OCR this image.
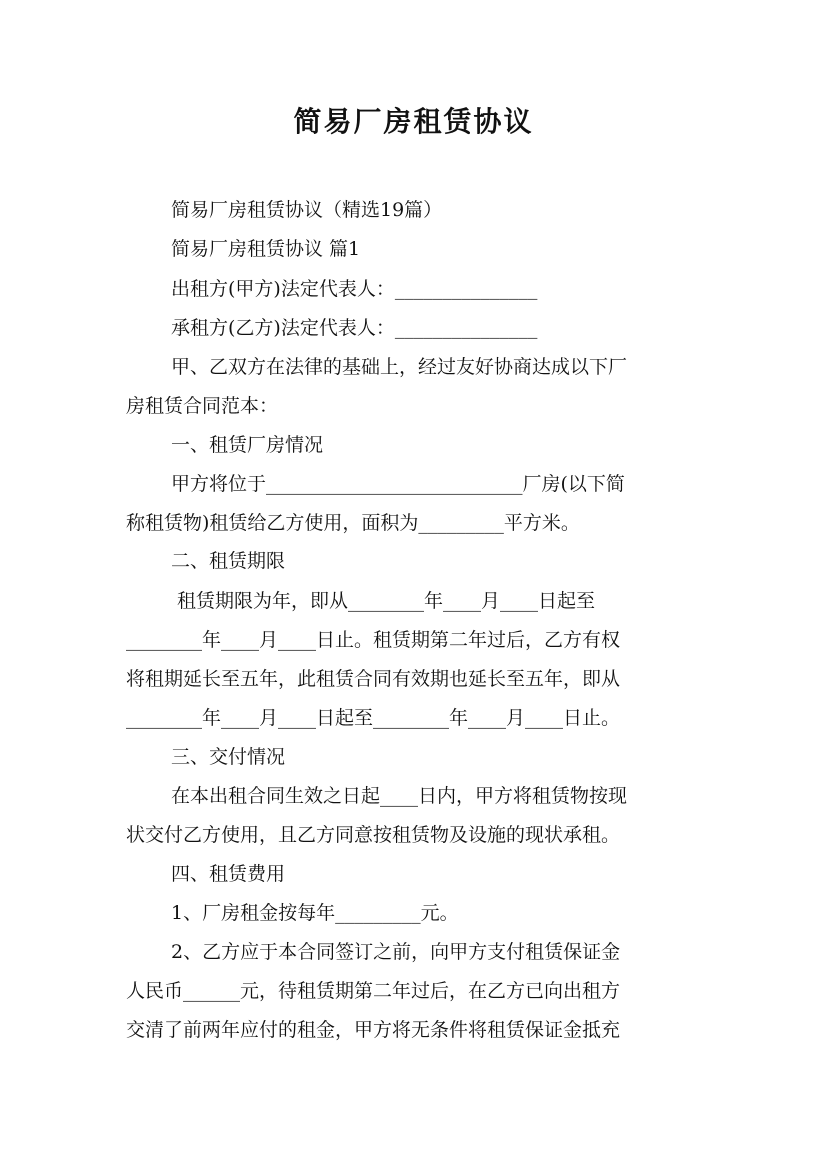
简易厂房租赁协议

简易厂房租赁协议（精选19篇）

简易厂房租赁协议 篇1

出租方(甲方)法定代表人：_______________

承租方(乙方)法定代表人：_______________

甲、乙双方在法律的基础上，经过友好协商达成以下厂

房租赁合同范本：

一、租赁厂房情况

甲方将位于___________________________厂房(以下简

称租赁物)租赁给乙方使用，面积为_________平方米。

二、租赁期限

租赁期限为年，即从________年____月____日起至

________年____月____日止。租赁期第二年过后，乙方有权

将租期延长至五年，此租赁合同有效期也延长至五年，即从

________年____月____日起至________年____月____日止。

三、交付情况

在本出租合同生效之日起____日内，甲方将租赁物按现

状交付乙方使用，且乙方同意按租赁物及设施的现状承租。

四、租赁费用

1、厂房租金按每年_________元。

2、乙方应于本合同签订之前，向甲方支付租赁保证金

人民币______元，待租赁期第二年过后，在乙方已向出租方

交清了前两年应付的租金，甲方将无条件将租赁保证金抵充
